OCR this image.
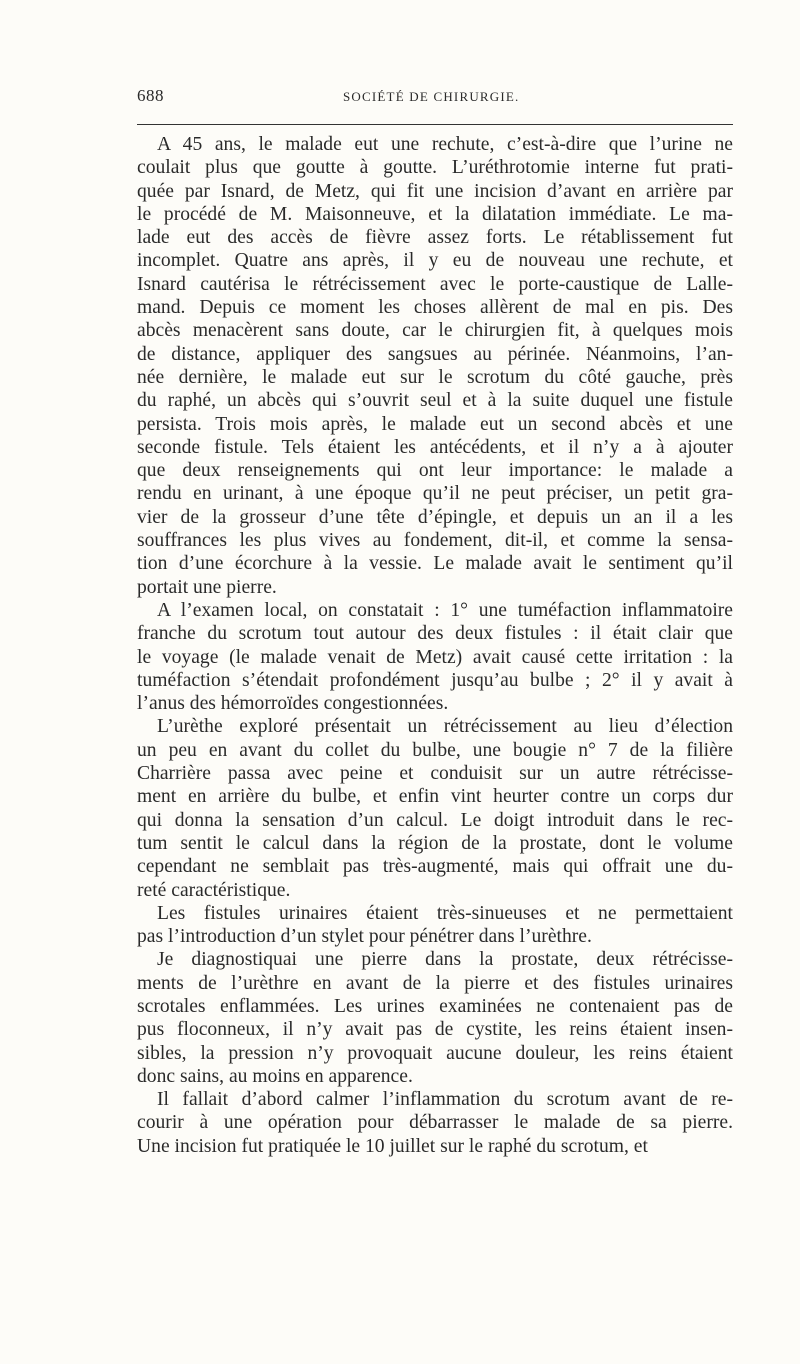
688	SOCIÉTÉ DE CHIRURGIE.
A 45 ans, le malade eut une rechute, c’est-à-dire que l’urine ne
coulait plus que goutte à goutte. L’uréthrotomie interne fut prati-
quée par Isnard, de Metz, qui fit une incision d’avant en arrière par
le procédé de M. Maisonneuve, et la dilatation immédiate. Le ma-
lade eut des accès de fièvre assez forts. Le rétablissement fut
incomplet. Quatre ans après, il y eu de nouveau une rechute, et
Isnard cautérisa le rétrécissement avec le porte-caustique de Lalle-
mand. Depuis ce moment les choses allèrent de mal en pis. Des
abcès menacèrent sans doute, car le chirurgien fit, à quelques mois
de distance, appliquer des sangsues au périnée. Néanmoins, l’an-
née dernière, le malade eut sur le scrotum du côté gauche, près
du raphé, un abcès qui s’ouvrit seul et à la suite duquel une fistule
persista. Trois mois après, le malade eut un second abcès et une
seconde fistule. Tels étaient les antécédents, et il n’y a à ajouter
que deux renseignements qui ont leur importance: le malade a
rendu en urinant, à une époque qu’il ne peut préciser, un petit gra-
vier de la grosseur d’une tête d’épingle, et depuis un an il a les
souffrances les plus vives au fondement, dit-il, et comme la sensa-
tion d’une écorchure à la vessie. Le malade avait le sentiment qu’il
portait une pierre.
A l’examen local, on constatait : 1° une tuméfaction inflammatoire
franche du scrotum tout autour des deux fistules : il était clair que
le voyage (le malade venait de Metz) avait causé cette irritation : la
tuméfaction s’étendait profondément jusqu’au bulbe ; 2° il y avait à
l’anus des hémorroïdes congestionnées.
L’urèthe exploré présentait un rétrécissement au lieu d’élection
un peu en avant du collet du bulbe, une bougie n° 7 de la filière
Charrière passa avec peine et conduisit sur un autre rétrécisse-
ment en arrière du bulbe, et enfin vint heurter contre un corps dur
qui donna la sensation d’un calcul. Le doigt introduit dans le rec-
tum sentit le calcul dans la région de la prostate, dont le volume
cependant ne semblait pas très-augmenté, mais qui offrait une du-
reté caractéristique.
Les fistules urinaires étaient très-sinueuses et ne permettaient
pas l’introduction d’un stylet pour pénétrer dans l’urèthre.
Je diagnostiquai une pierre dans la prostate, deux rétrécisse-
ments de l’urèthre en avant de la pierre et des fistules urinaires
scrotales enflammées. Les urines examinées ne contenaient pas de
pus floconneux, il n’y avait pas de cystite, les reins étaient insen-
sibles, la pression n’y provoquait aucune douleur, les reins étaient
donc sains, au moins en apparence.
Il fallait d’abord calmer l’inflammation du scrotum avant de re-
courir à une opération pour débarrasser le malade de sa pierre.
Une incision fut pratiquée le 10 juillet sur le raphé du scrotum, et
